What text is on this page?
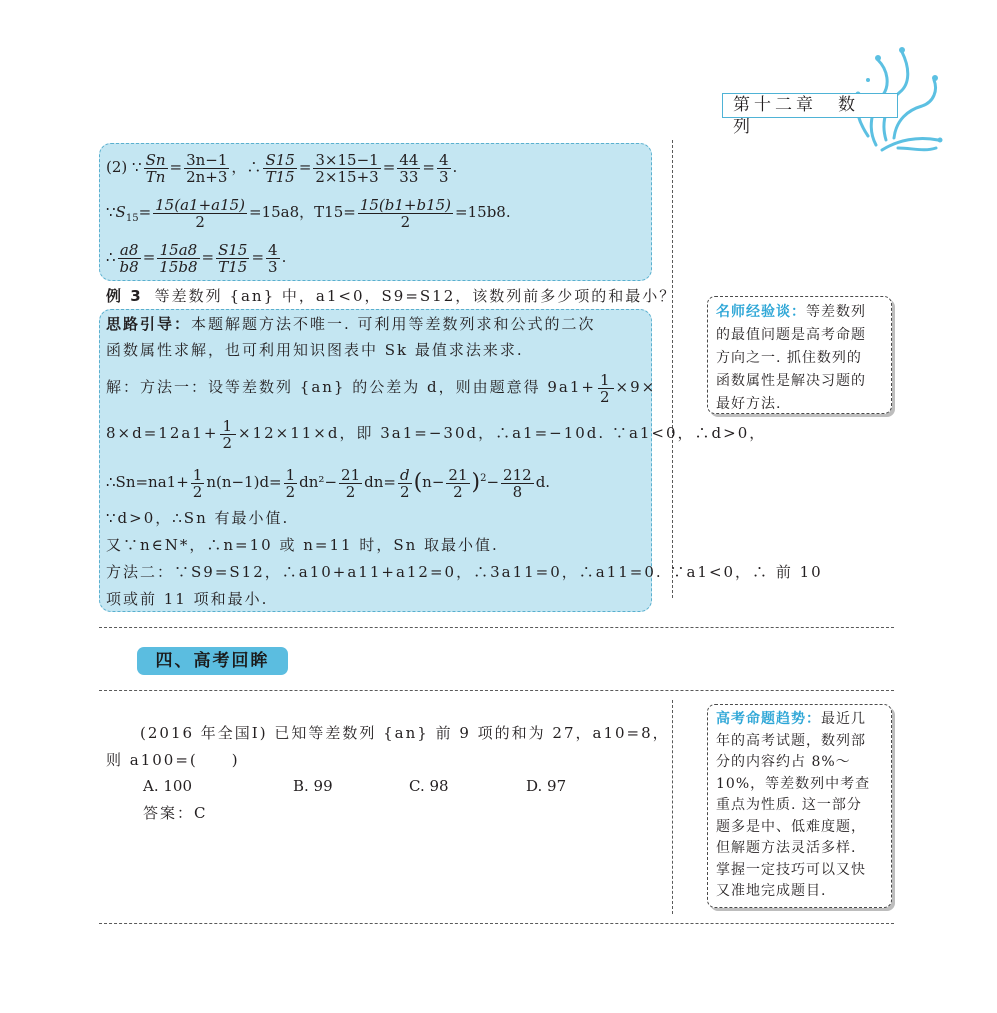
第十二章　数　列
(2) ∵ $\frac{Sn}{Tn} = \frac{3n-1}{2n+3}$ ，∴ $\frac{S15}{T15} = \frac{3\times 15-1}{2\times 15+3} = \frac{44}{33} = \frac{4}{3}$ .
$\because S_{15}= \frac{15(a1+a15)}{2} =15a8$，$T15= \frac{15(b1+b15)}{2} =15b8$.
∴ $\frac{a8}{b8} = \frac{15a8}{15b8} = \frac{S15}{T15} = \frac{4}{3}$ .
例 3 等差数列 {an} 中，a1<0，S9=S12，该数列前多少项的和最小？
思路引导：本题解题方法不唯一. 可利用等差数列求和公式的二次
函数属性求解，也可利用知识图表中 Sk 最值求法来求.
解：方法一：设等差数列 {an} 的公差为 d，则由题意得 $9a1+ \frac{1}{2} \times 9\times$
$8\times d=12a1+ \frac{1}{2} \times 12\times 11\times d$，即 3a1=−30d，∴a1=−10d. ∵a1<0，∴d>0，
∴Sn=na1+ $\frac{1}{2} n(n-1)d= \frac{1}{2} dn^2- \frac{21}{2} dn= \frac{d}{2} (n- \frac{21}{2} )^2- \frac{212}{8} d$.
∵d>0，∴Sn 有最小值.
又∵n∈N*，∴n=10 或 n=11 时，Sn 取最小值.
方法二：∵S9=S12，∴a10+a11+a12=0，∴3a11=0，∴a11=0. ∵a1<0，∴ 前 10
项或前 11 项和最小.
名师经验谈：等差数列
的最值问题是高考命题
方向之一. 抓住数列的
函数属性是解决习题的
最好方法.
四、高考回眸
(2016 年全国Ⅰ) 已知等差数列 {an} 前 9 项的和为 27，a10=8，
则 a100=(　　)
A. 100	B. 99	C. 98	D. 97
答案：C
高考命题趋势：最近几
年的高考试题，数列部
分的内容约占 8%～
10%，等差数列中考查
重点为性质. 这一部分
题多是中、低难度题，
但解题方法灵活多样.
掌握一定技巧可以又快
又准地完成题目.
